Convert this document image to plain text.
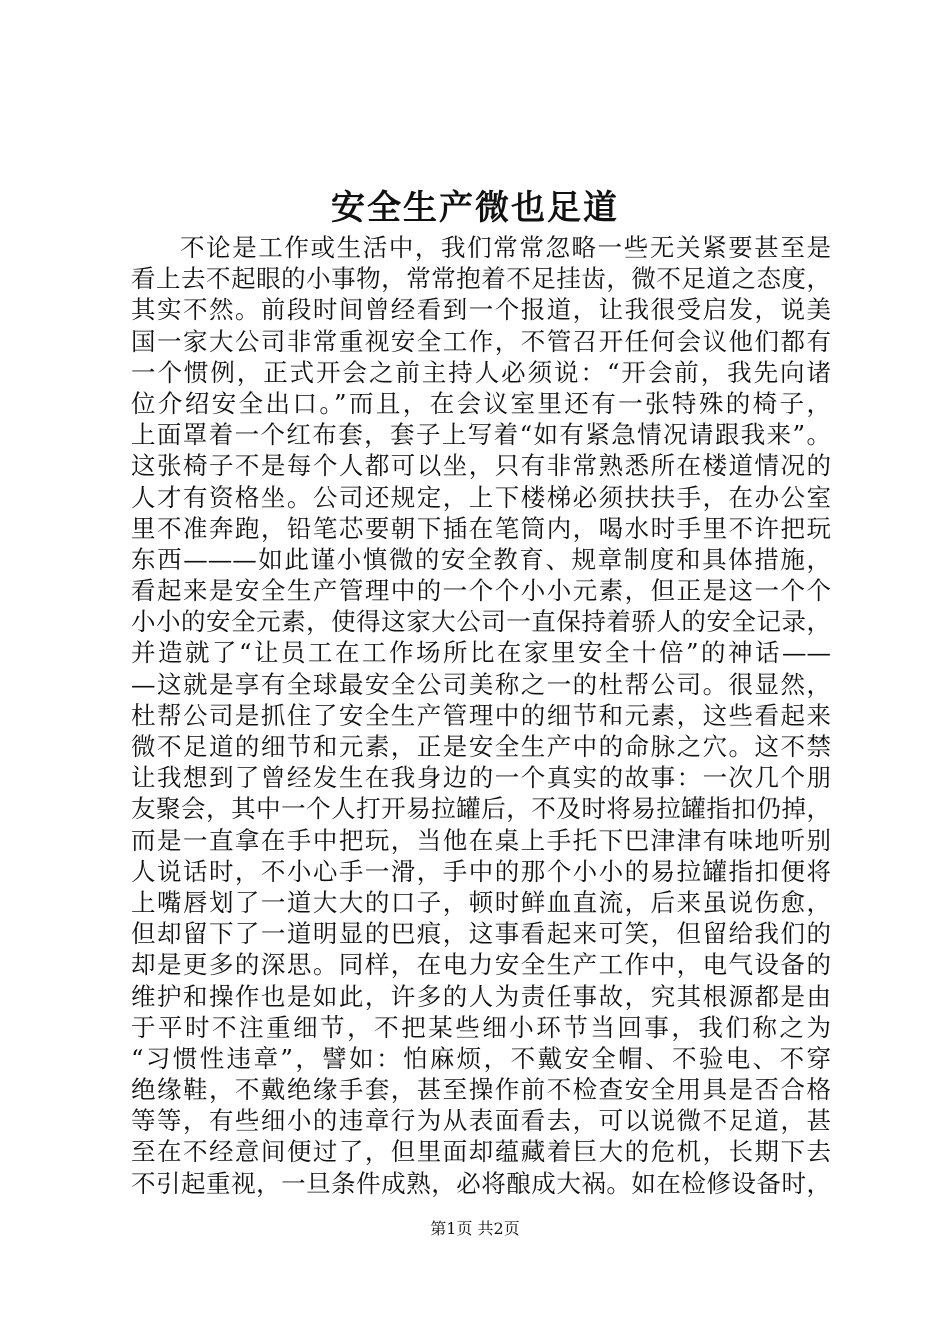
安全生产微也足道
不论是工作或生活中，我们常常忽略一些无关紧要甚至是
看上去不起眼的小事物，常常抱着不足挂齿，微不足道之态度，
其实不然。前段时间曾经看到一个报道，让我很受启发，说美
国一家大公司非常重视安全工作，不管召开任何会议他们都有
一个惯例，正式开会之前主持人必须说：“开会前，我先向诸
位介绍安全出口。”而且，在会议室里还有一张特殊的椅子，
上面罩着一个红布套，套子上写着“如有紧急情况请跟我来”。
这张椅子不是每个人都可以坐，只有非常熟悉所在楼道情况的
人才有资格坐。公司还规定，上下楼梯必须扶扶手，在办公室
里不准奔跑，铅笔芯要朝下插在笔筒内，喝水时手里不许把玩
东西———如此谨小慎微的安全教育、规章制度和具体措施，
看起来是安全生产管理中的一个个小小元素，但正是这一个个
小小的安全元素，使得这家大公司一直保持着骄人的安全记录，
并造就了“让员工在工作场所比在家里安全十倍”的神话——
—这就是享有全球最安全公司美称之一的杜帮公司。很显然，
杜帮公司是抓住了安全生产管理中的细节和元素，这些看起来
微不足道的细节和元素，正是安全生产中的命脉之穴。这不禁
让我想到了曾经发生在我身边的一个真实的故事：一次几个朋
友聚会，其中一个人打开易拉罐后，不及时将易拉罐指扣仍掉，
而是一直拿在手中把玩，当他在桌上手托下巴津津有味地听别
人说话时，不小心手一滑，手中的那个小小的易拉罐指扣便将
上嘴唇划了一道大大的口子，顿时鲜血直流，后来虽说伤愈，
但却留下了一道明显的巴痕，这事看起来可笑，但留给我们的
却是更多的深思。同样，在电力安全生产工作中，电气设备的
维护和操作也是如此，许多的人为责任事故，究其根源都是由
于平时不注重细节，不把某些细小环节当回事，我们称之为
“习惯性违章”，譬如：怕麻烦，不戴安全帽、不验电、不穿
绝缘鞋，不戴绝缘手套，甚至操作前不检查安全用具是否合格
等等，有些细小的违章行为从表面看去，可以说微不足道，甚
至在不经意间便过了，但里面却蕴藏着巨大的危机，长期下去
不引起重视，一旦条件成熟，必将酿成大祸。如在检修设备时，
第1页 共2页
